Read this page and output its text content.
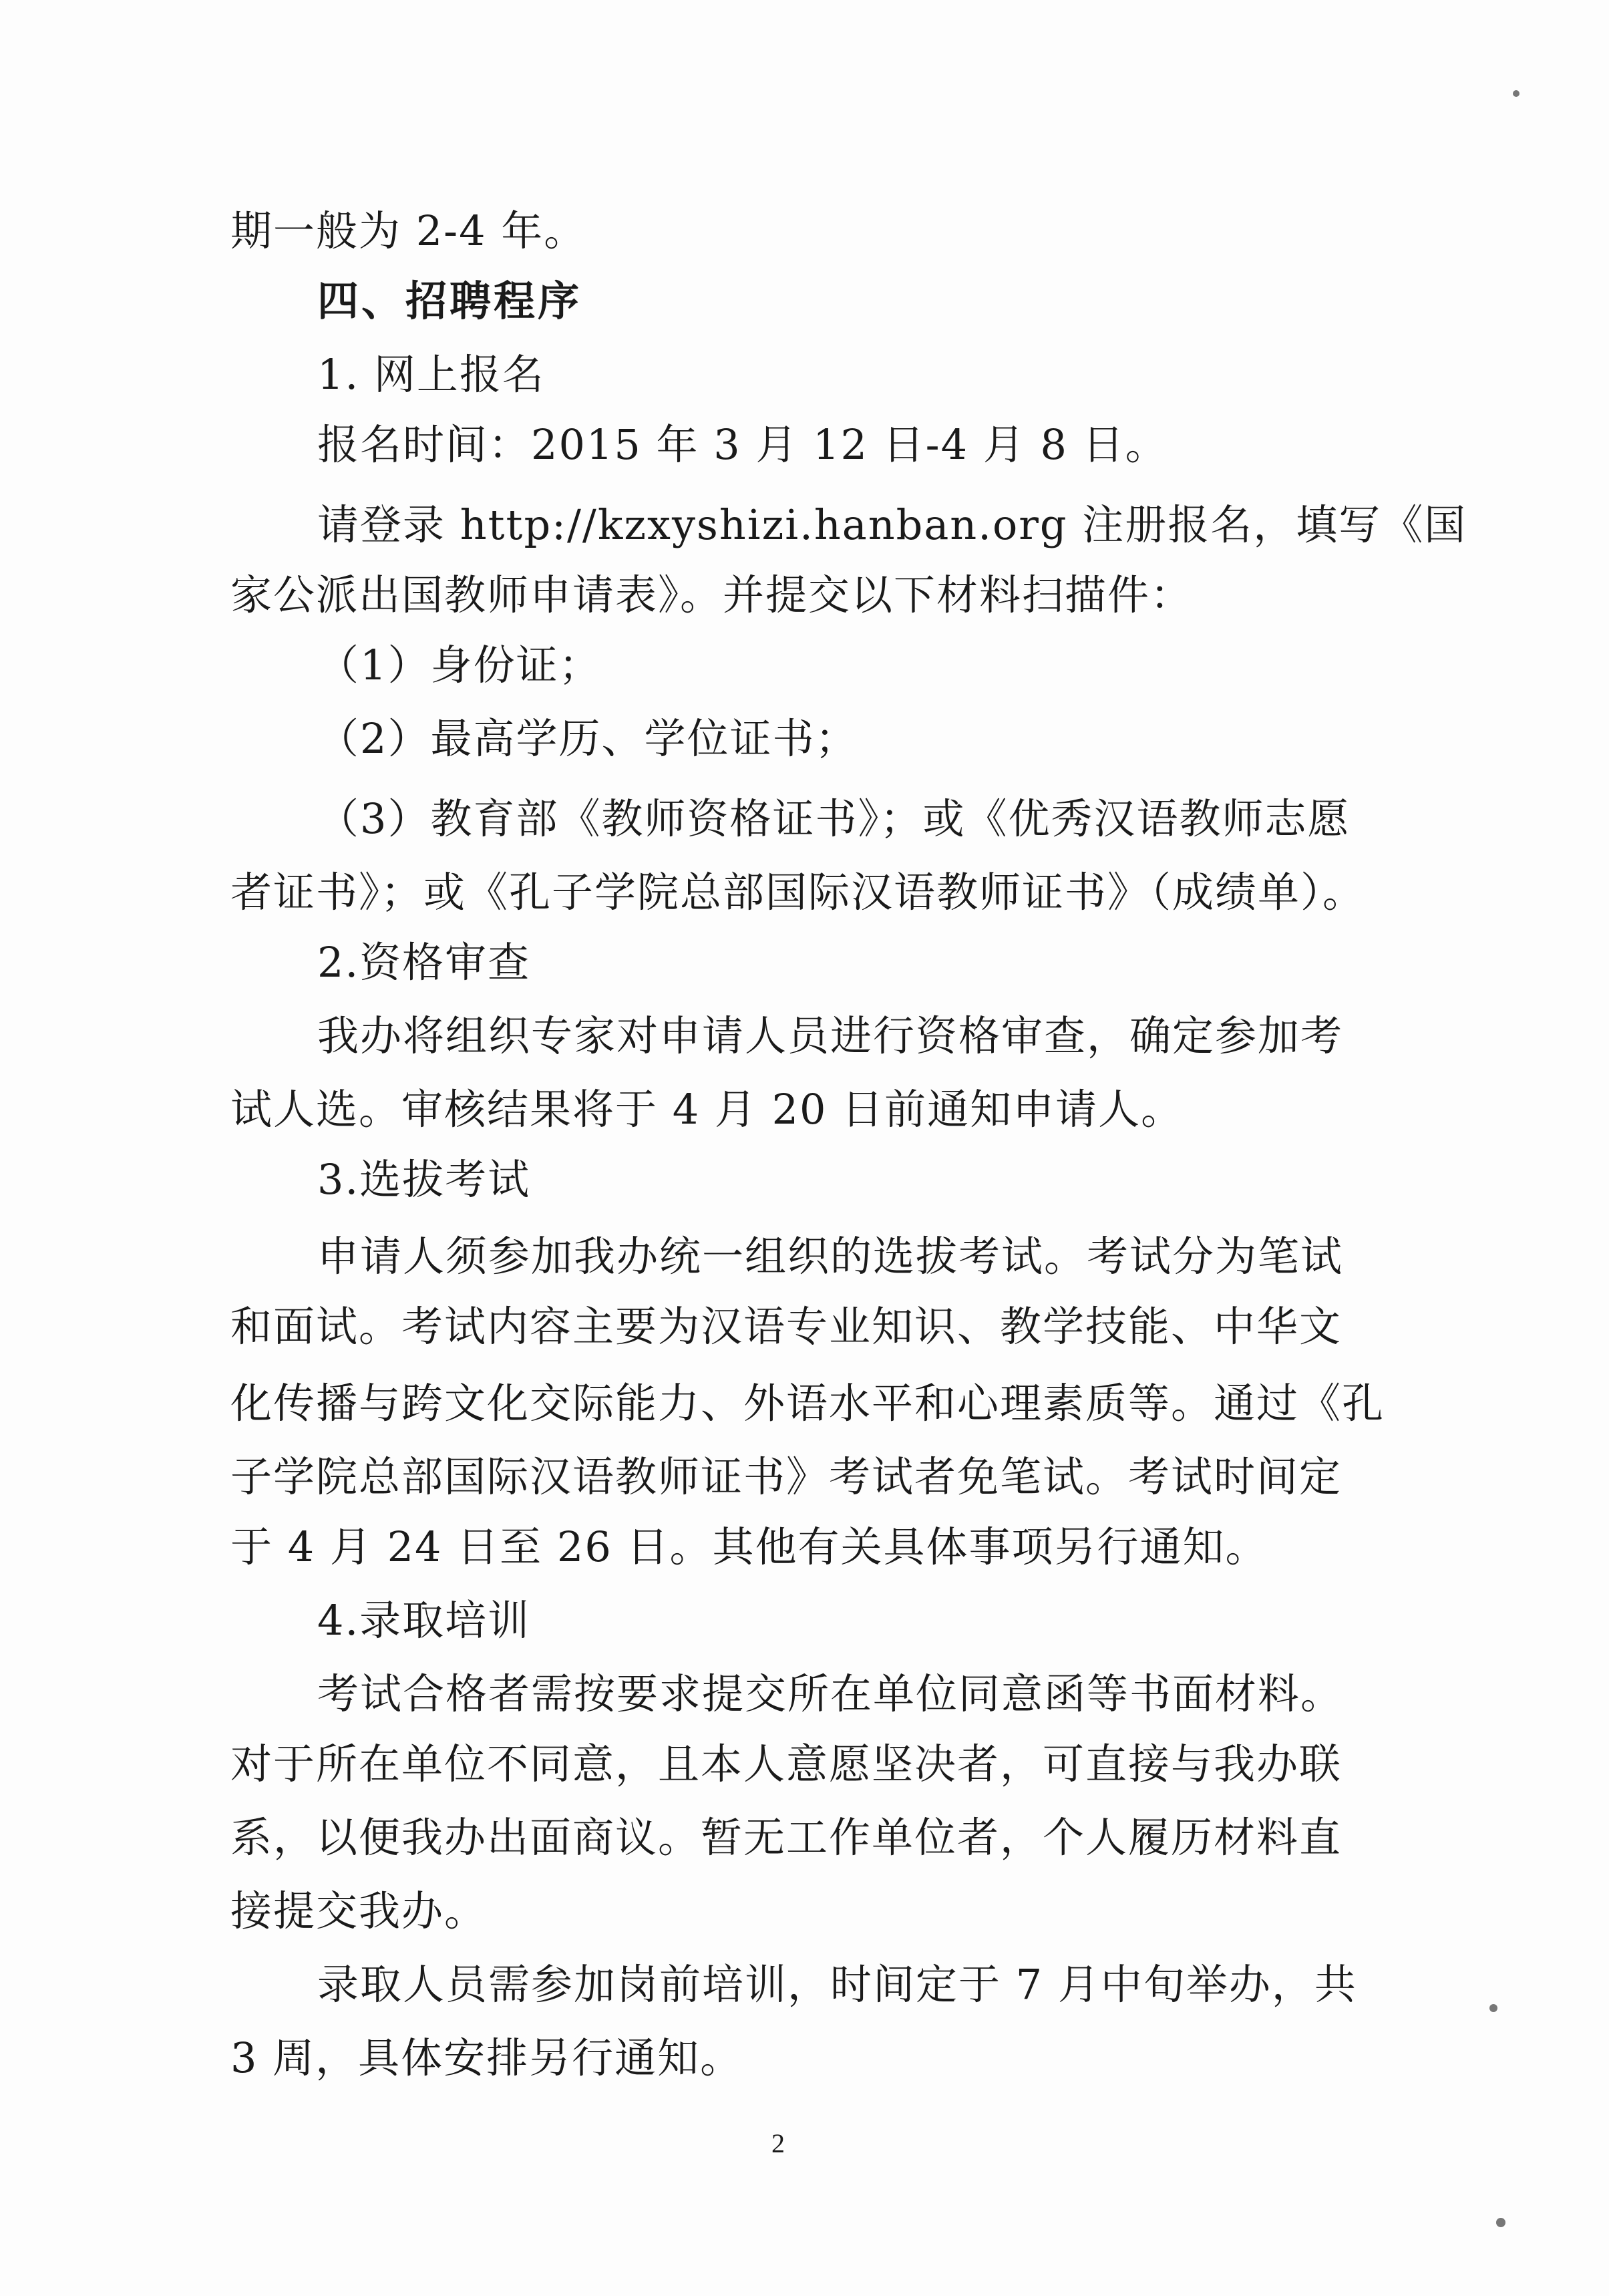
期一般为 2-4 年。
四、招聘程序
1. 网上报名
报名时间：2015 年 3 月 12 日-4 月 8 日。
请登录 http://kzxyshizi.hanban.org 注册报名，填写《国
家公派出国教师申请表》。并提交以下材料扫描件：
（1）身份证；
（2）最高学历、学位证书；
（3）教育部《教师资格证书》；或《优秀汉语教师志愿
者证书》；或《孔子学院总部国际汉语教师证书》（成绩单）。
2.资格审查
我办将组织专家对申请人员进行资格审查，确定参加考
试人选。审核结果将于 4 月 20 日前通知申请人。
3.选拔考试
申请人须参加我办统一组织的选拔考试。考试分为笔试
和面试。考试内容主要为汉语专业知识、教学技能、中华文
化传播与跨文化交际能力、外语水平和心理素质等。通过《孔
子学院总部国际汉语教师证书》考试者免笔试。考试时间定
于 4 月 24 日至 26 日。其他有关具体事项另行通知。
4.录取培训
考试合格者需按要求提交所在单位同意函等书面材料。
对于所在单位不同意，且本人意愿坚决者，可直接与我办联
系，以便我办出面商议。暂无工作单位者，个人履历材料直
接提交我办。
录取人员需参加岗前培训，时间定于 7 月中旬举办，共
3 周，具体安排另行通知。
2
